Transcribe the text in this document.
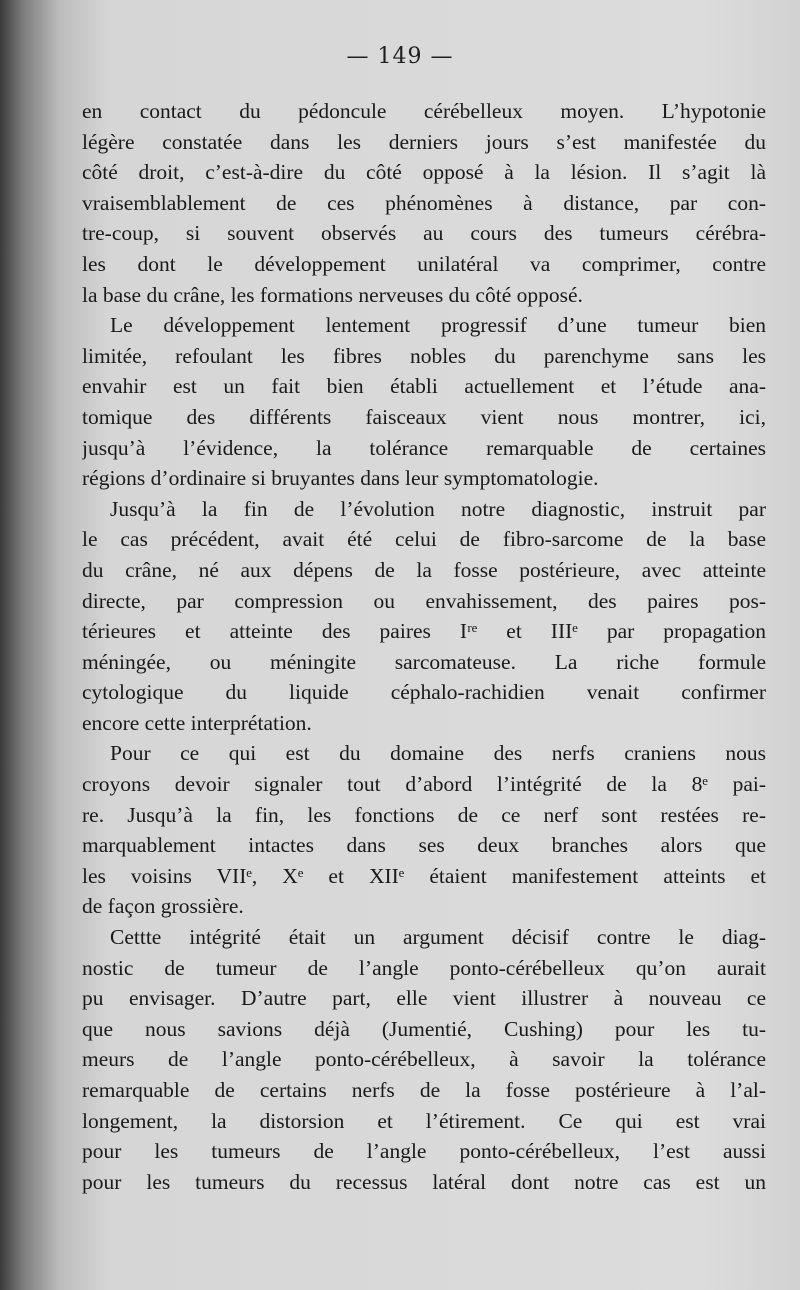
— 149 —
en contact du pédoncule cérébelleux moyen. L’hypotonie
légère constatée dans les derniers jours s’est manifestée du
côté droit, c’est-à-dire du côté opposé à la lésion. Il s’agit là
vraisemblablement de ces phénomènes à distance, par con-
tre-coup, si souvent observés au cours des tumeurs cérébra-
les dont le développement unilatéral va comprimer, contre
la base du crâne, les formations nerveuses du côté opposé.
Le développement lentement progressif d’une tumeur bien
limitée, refoulant les fibres nobles du parenchyme sans les
envahir est un fait bien établi actuellement et l’étude ana-
tomique des différents faisceaux vient nous montrer, ici,
jusqu’à l’évidence, la tolérance remarquable de certaines
régions d’ordinaire si bruyantes dans leur symptomatologie.
Jusqu’à la fin de l’évolution notre diagnostic, instruit par
le cas précédent, avait été celui de fibro-sarcome de la base
du crâne, né aux dépens de la fosse postérieure, avec atteinte
directe, par compression ou envahissement, des paires pos-
térieures et atteinte des paires Iʳᵉ et IIIᵉ par propagation
méningée, ou méningite sarcomateuse. La riche formule
cytologique du liquide céphalo-rachidien venait confirmer
encore cette interprétation.
Pour ce qui est du domaine des nerfs craniens nous
croyons devoir signaler tout d’abord l’intégrité de la 8ᵉ pai-
re. Jusqu’à la fin, les fonctions de ce nerf sont restées re-
marquablement intactes dans ses deux branches alors que
les voisins VIIᵉ, Xᵉ et XIIᵉ étaient manifestement atteints et
de façon grossière.
Cettte intégrité était un argument décisif contre le diag-
nostic de tumeur de l’angle ponto-cérébelleux qu’on aurait
pu envisager. D’autre part, elle vient illustrer à nouveau ce
que nous savions déjà (Jumentié, Cushing) pour les tu-
meurs de l’angle ponto-cérébelleux, à savoir la tolérance
remarquable de certains nerfs de la fosse postérieure à l’al-
longement, la distorsion et l’étirement. Ce qui est vrai
pour les tumeurs de l’angle ponto-cérébelleux, l’est aussi
pour les tumeurs du recessus latéral dont notre cas est un
